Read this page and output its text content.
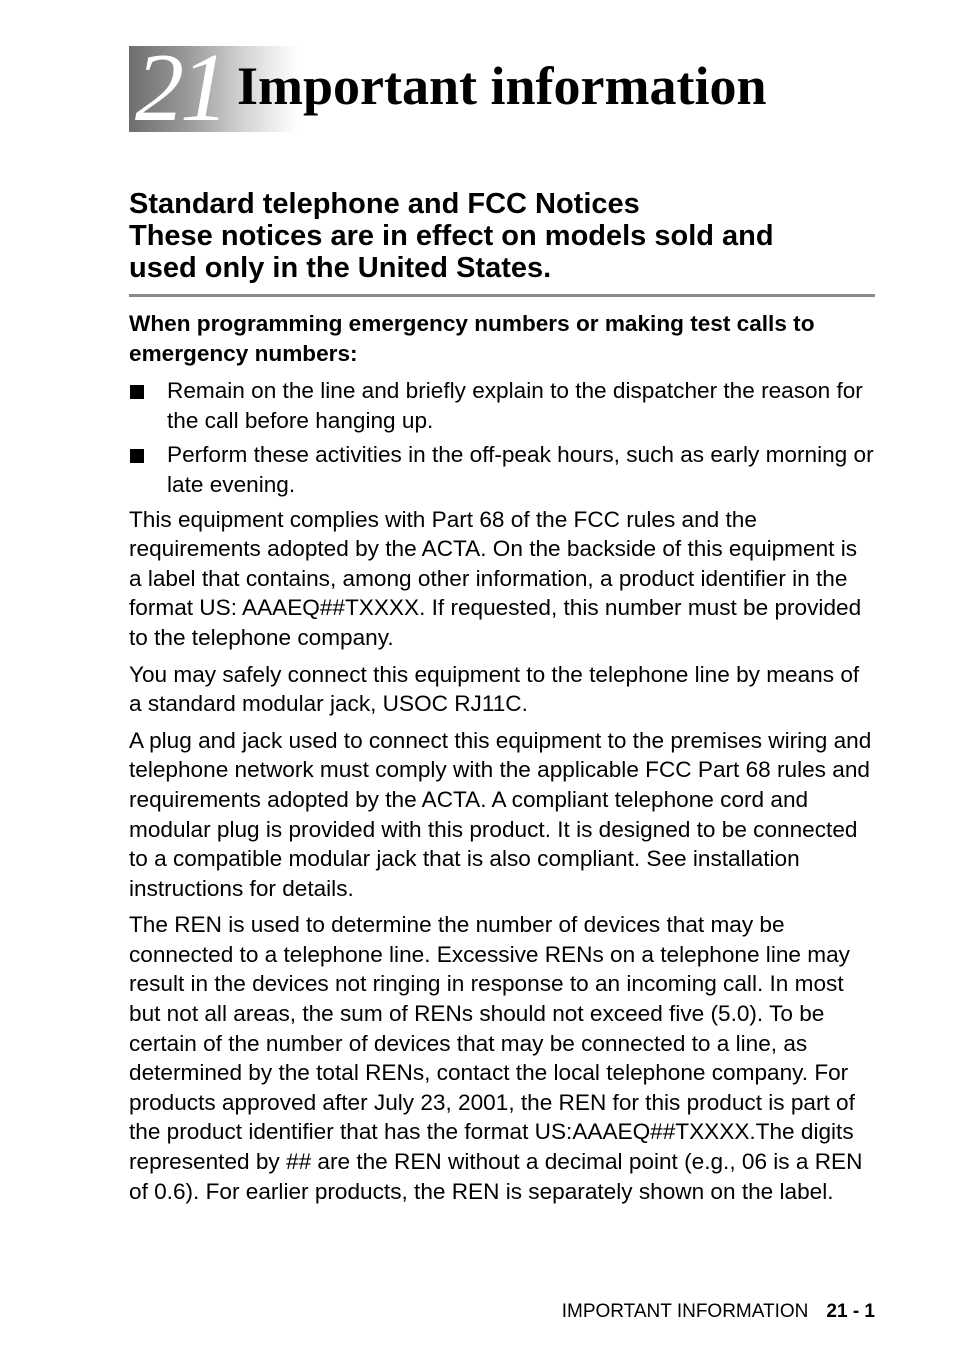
21 Important information
Standard telephone and FCC Notices
These notices are in effect on models sold and
used only in the United States.

When programming emergency numbers or making test calls to emergency numbers:

Remain on the line and briefly explain to the dispatcher the reason for the call before hanging up.
Perform these activities in the off-peak hours, such as early morning or late evening.

This equipment complies with Part 68 of the FCC rules and the requirements adopted by the ACTA. On the backside of this equipment is a label that contains, among other information, a product identifier in the format US: AAAEQ##TXXXX. If requested, this number must be provided to the telephone company.

You may safely connect this equipment to the telephone line by means of a standard modular jack, USOC RJ11C.

A plug and jack used to connect this equipment to the premises wiring and telephone network must comply with the applicable FCC Part 68 rules and requirements adopted by the ACTA. A compliant telephone cord and modular plug is provided with this product. It is designed to be connected to a compatible modular jack that is also compliant. See installation instructions for details.

The REN is used to determine the number of devices that may be connected to a telephone line. Excessive RENs on a telephone line may result in the devices not ringing in response to an incoming call. In most but not all areas, the sum of RENs should not exceed five (5.0). To be certain of the number of devices that may be connected to a line, as determined by the total RENs, contact the local telephone company. For products approved after July 23, 2001, the REN for this product is part of the product identifier that has the format US:AAAEQ##TXXXX.The digits represented by ## are the REN without a decimal point (e.g., 06 is a REN of 0.6). For earlier products, the REN is separately shown on the label.

IMPORTANT INFORMATION 21 - 1
